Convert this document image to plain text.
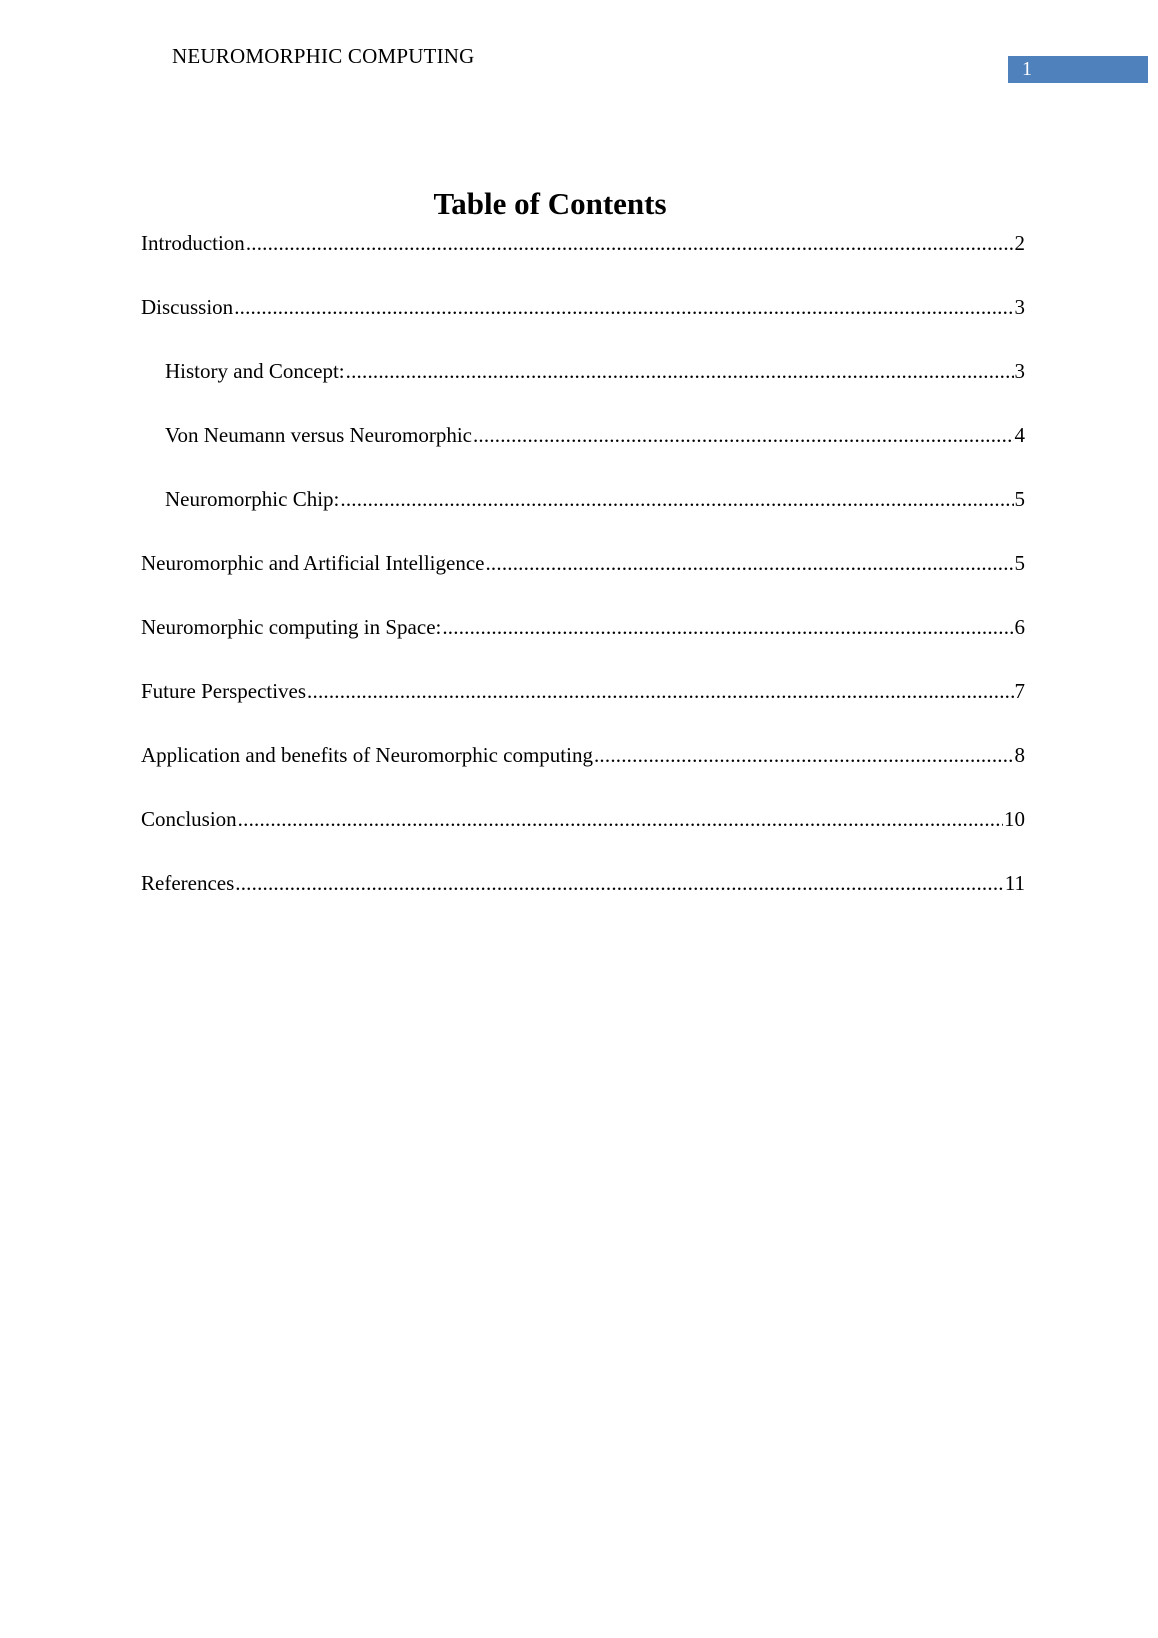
NEUROMORPHIC COMPUTING
1
Table of Contents
Introduction .....	2
Discussion .....	3
History and Concept: .....	3
Von Neumann versus Neuromorphic .....	4
Neuromorphic Chip: .....	5
Neuromorphic and Artificial Intelligence .....	5
Neuromorphic computing in Space: .....	6
Future Perspectives .....	7
Application and benefits of Neuromorphic computing .....	8
Conclusion .....	10
References .....	11
